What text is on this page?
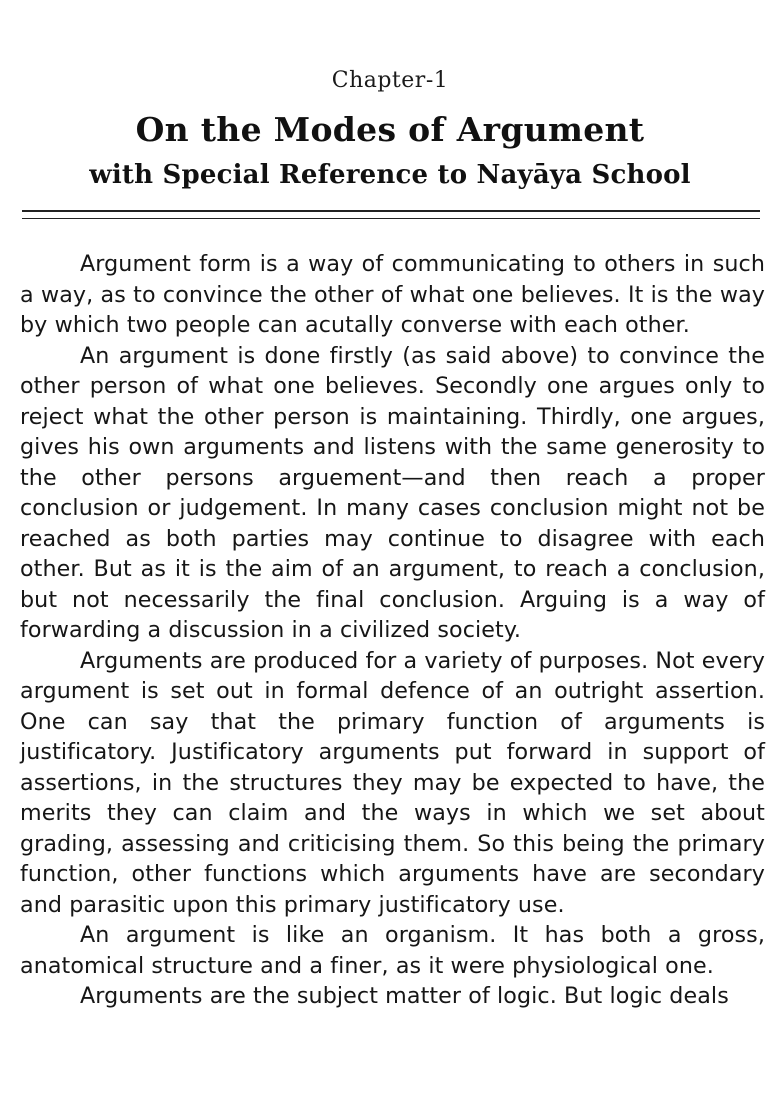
Chapter-1
On the Modes of Argument
with Special Reference to Nayāya School

Argument form is a way of communicating to others in such a way, as to convince the other of what one believes. It is the way by which two people can acutally converse with each other.

An argument is done firstly (as said above) to convince the other person of what one believes. Secondly one argues only to reject what the other person is maintaining. Thirdly, one argues, gives his own arguments and listens with the same generosity to the other persons arguement—and then reach a proper conclusion or judgement. In many cases conclusion might not be reached as both parties may continue to disagree with each other. But as it is the aim of an argument, to reach a conclusion, but not necessarily the final conclusion. Arguing is a way of forwarding a discussion in a civilized society.

Arguments are produced for a variety of purposes. Not every argument is set out in formal defence of an outright assertion. One can say that the primary function of arguments is justificatory. Justificatory arguments put forward in support of assertions, in the structures they may be expected to have, the merits they can claim and the ways in which we set about grading, assessing and criticising them. So this being the primary function, other functions which arguments have are secondary and parasitic upon this primary justificatory use.

An argument is like an organism. It has both a gross, anatomical structure and a finer, as it were physiological one.

Arguments are the subject matter of logic. But logic deals
